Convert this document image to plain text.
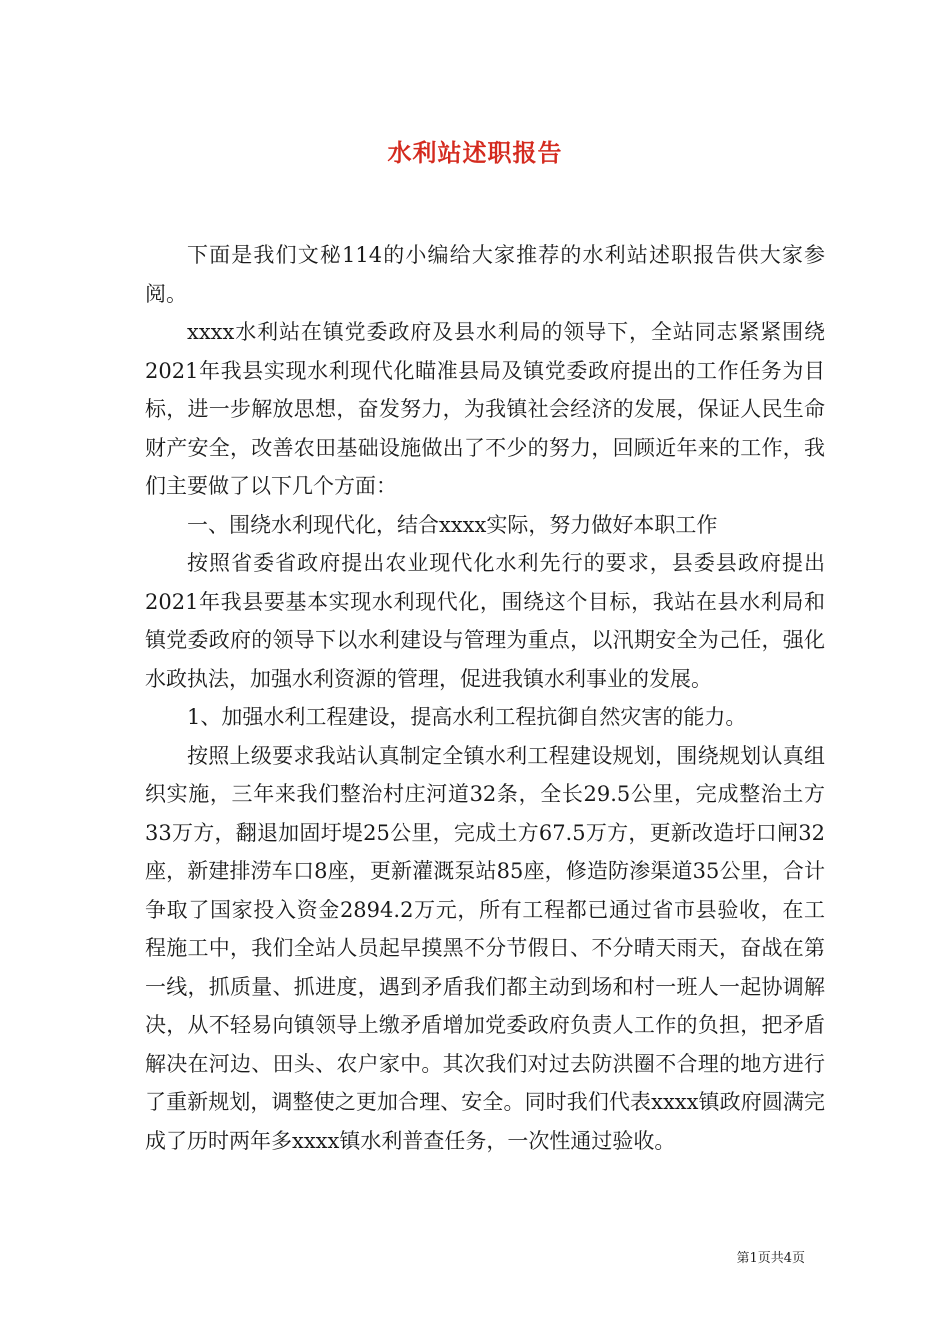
水利站述职报告

下面是我们文秘114的小编给大家推荐的水利站述职报告供大家参阅。

xxxx水利站在镇党委政府及县水利局的领导下，全站同志紧紧围绕2021年我县实现水利现代化瞄准县局及镇党委政府提出的工作任务为目标，进一步解放思想，奋发努力，为我镇社会经济的发展，保证人民生命财产安全，改善农田基础设施做出了不少的努力，回顾近年来的工作，我们主要做了以下几个方面：

一、围绕水利现代化，结合xxxx实际，努力做好本职工作

按照省委省政府提出农业现代化水利先行的要求，县委县政府提出2021年我县要基本实现水利现代化，围绕这个目标，我站在县水利局和镇党委政府的领导下以水利建设与管理为重点，以汛期安全为己任，强化水政执法，加强水利资源的管理，促进我镇水利事业的发展。

1、加强水利工程建设，提高水利工程抗御自然灾害的能力。

按照上级要求我站认真制定全镇水利工程建设规划，围绕规划认真组织实施，三年来我们整治村庄河道32条，全长29.5公里，完成整治土方33万方，翻退加固圩堤25公里，完成土方67.5万方，更新改造圩口闸32座，新建排涝车口8座，更新灌溉泵站85座，修造防渗渠道35公里，合计争取了国家投入资金2894.2万元，所有工程都已通过省市县验收，在工程施工中，我们全站人员起早摸黑不分节假日、不分晴天雨天，奋战在第一线，抓质量、抓进度，遇到矛盾我们都主动到场和村一班人一起协调解决，从不轻易向镇领导上缴矛盾增加党委政府负责人工作的负担，把矛盾解决在河边、田头、农户家中。其次我们对过去防洪圈不合理的地方进行了重新规划，调整使之更加合理、安全。同时我们代表xxxx镇政府圆满完成了历时两年多xxxx镇水利普查任务，一次性通过验收。

第1页共4页
